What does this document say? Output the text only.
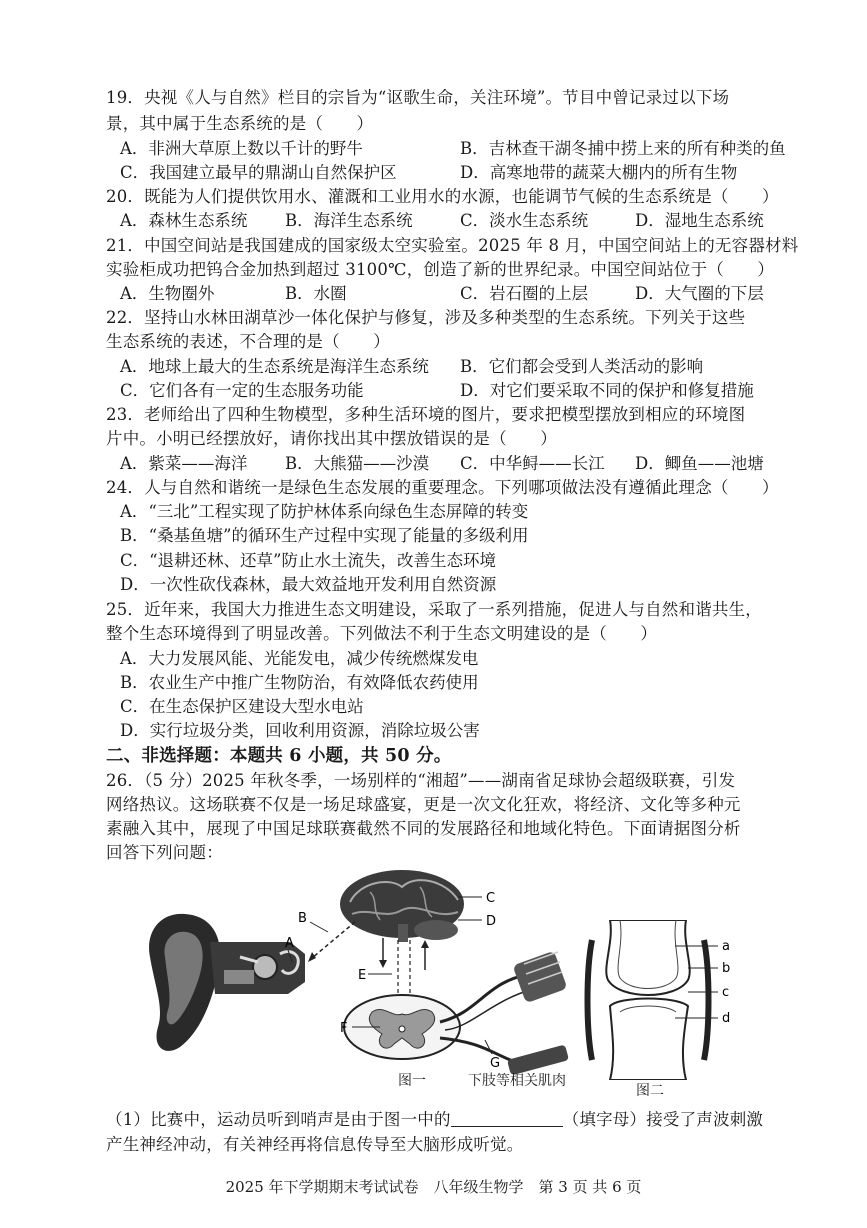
19．央视《人与自然》栏目的宗旨为“讴歌生命，关注环境”。节目中曾记录过以下场
景，其中属于生态系统的是（　　）
A．非洲大草原上数以千计的野牛	B．吉林查干湖冬捕中捞上来的所有种类的鱼
C．我国建立最早的鼎湖山自然保护区	D．高寒地带的蔬菜大棚内的所有生物
20．既能为人们提供饮用水、灌溉和工业用水的水源，也能调节气候的生态系统是（　　）
A．森林生态系统 B．海洋生态系统	C．淡水生态系统	D．湿地生态系统
21．中国空间站是我国建成的国家级太空实验室。2025 年 8 月，中国空间站上的无容器材料
实验柜成功把钨合金加热到超过 3100℃，创造了新的世界纪录。中国空间站位于（　　）
A．生物圈外	B．水圈	C．岩石圈的上层	D．大气圈的下层
22．坚持山水林田湖草沙一体化保护与修复，涉及多种类型的生态系统。下列关于这些
生态系统的表述，不合理的是（　　）
A．地球上最大的生态系统是海洋生态系统 B．它们都会受到人类活动的影响
C．它们各有一定的生态服务功能	D．对它们要采取不同的保护和修复措施
23．老师给出了四种生物模型，多种生活环境的图片，要求把模型摆放到相应的环境图
片中。小明已经摆放好，请你找出其中摆放错误的是（　　）
A．紫菜——海洋 B．大熊猫——沙漠 C．中华鲟——长江 D．鲫鱼——池塘
24．人与自然和谐统一是绿色生态发展的重要理念。下列哪项做法没有遵循此理念（　　）
A．“三北”工程实现了防护林体系向绿色生态屏障的转变
B．“桑基鱼塘”的循环生产过程中实现了能量的多级利用
C．“退耕还林、还草”防止水土流失，改善生态环境
D．一次性砍伐森林，最大效益地开发利用自然资源
25．近年来，我国大力推进生态文明建设，采取了一系列措施，促进人与自然和谐共生，
整个生态环境得到了明显改善。下列做法不利于生态文明建设的是（　　）
A．大力发展风能、光能发电，减少传统燃煤发电
B．农业生产中推广生物防治，有效降低农药使用
C．在生态保护区建设大型水电站
D．实行垃圾分类，回收利用资源，消除垃圾公害
二、非选择题：本题共 6 小题，共 50 分。
26．（5 分）2025 年秋冬季，一场别样的“湘超”——湖南省足球协会超级联赛，引发
网络热议。这场联赛不仅是一场足球盛宴，更是一次文化狂欢，将经济、文化等多种元
素融入其中，展现了中国足球联赛截然不同的发展路径和地域化特色。下面请据图分析
回答下列问题：
A
B
C
D
E
F
G
图一	下肢等相关肌肉
a
b
c
d
图二
（1）比赛中，运动员听到哨声是由于图一中的	（填字母）接受了声波刺激
产生神经冲动，有关神经再将信息传导至大脑形成听觉。
2025 年下学期期末考试试卷　八年级生物学　第 3 页 共 6 页
